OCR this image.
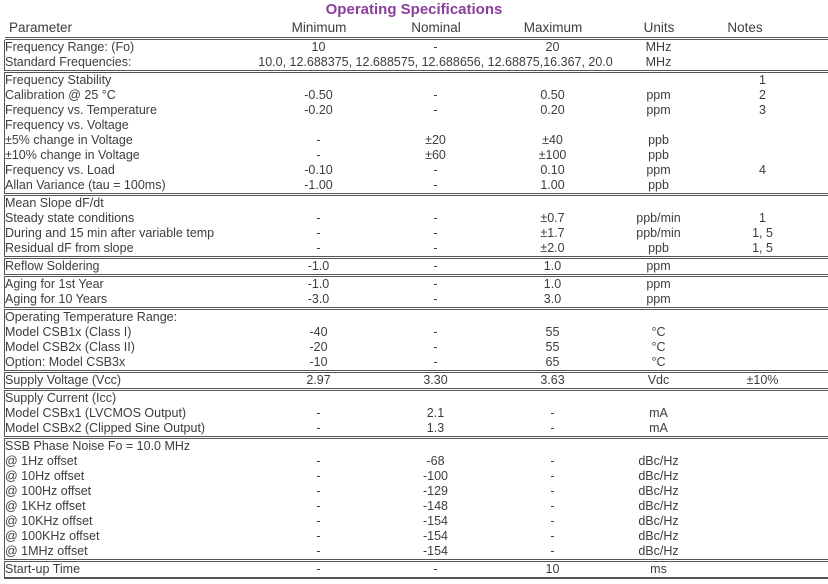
Operating Specifications
Parameter	Minimum	Nominal	Maximum	Units	Notes
Frequency Range: (Fo)	10	-	20	MHz	
Standard Frequencies:	10.0, 12.688375, 12.688575, 12.688656, 12.68875,16.367, 20.0			MHz	
Frequency Stability					1
Calibration @ 25 °C	-0.50	-	0.50	ppm	2
Frequency vs. Temperature	-0.20	-	0.20	ppm	3
Frequency vs. Voltage					
±5% change in Voltage	-	±20	±40	ppb	
±10% change in Voltage	-	±60	±100	ppb	
Frequency vs. Load	-0.10	-	0.10	ppm	4
Allan Variance (tau = 100ms)	-1.00	-	1.00	ppb	
Mean Slope dF/dt					
Steady state conditions	-	-	±0.7	ppb/min	1
During and 15 min after variable temp	-	-	±1.7	ppb/min	1, 5
Residual dF from slope	-	-	±2.0	ppb	1, 5
Reflow Soldering	-1.0	-	1.0	ppm	
Aging for 1st Year	-1.0	-	1.0	ppm	
Aging for 10 Years	-3.0	-	3.0	ppm	
Operating Temperature Range:					
Model CSB1x (Class I)	-40	-	55	°C	
Model CSB2x (Class II)	-20	-	55	°C	
Option: Model CSB3x	-10	-	65	°C	
Supply Voltage (Vcc)	2.97	3.30	3.63	Vdc	±10%
Supply Current (Icc)					
Model CSBx1 (LVCMOS Output)	-	2.1	-	mA	
Model CSBx2 (Clipped Sine Output)	-	1.3	-	mA	
SSB Phase Noise Fo = 10.0 MHz					
@ 1Hz offset	-	-68	-	dBc/Hz	
@ 10Hz offset	-	-100	-	dBc/Hz	
@ 100Hz offset	-	-129	-	dBc/Hz	
@ 1KHz offset	-	-148	-	dBc/Hz	
@ 10KHz offset	-	-154	-	dBc/Hz	
@ 100KHz offset	-	-154	-	dBc/Hz	
@ 1MHz offset	-	-154	-	dBc/Hz	
Start-up Time	-	-	10	ms	
